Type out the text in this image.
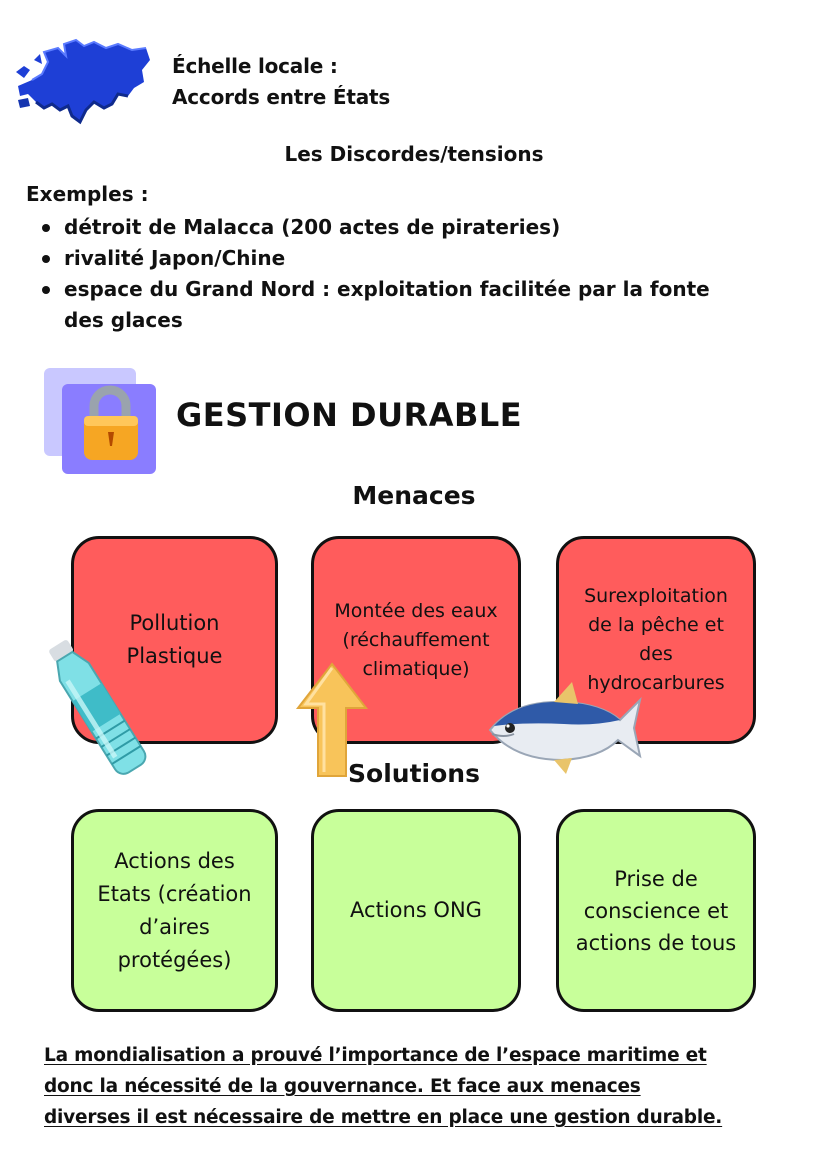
Échelle locale :
Accords entre États
Les Discordes/tensions
Exemples :
détroit de Malacca (200 actes de pirateries)
rivalité Japon/Chine
espace du Grand Nord : exploitation facilitée par la fonte des glaces
GESTION DURABLE
Menaces
Pollution
Plastique
Montée des eaux
(réchauffement
climatique)
Surexploitation
de la pêche et
des
hydrocarbures
Solutions
Actions des
Etats (création
d’aires
protégées)
Actions ONG
Prise de
conscience et
actions de tous
La mondialisation a prouvé l’importance de l’espace maritime et
donc la nécessité de la gouvernance. Et face aux menaces
diverses il est nécessaire de mettre en place une gestion durable.
